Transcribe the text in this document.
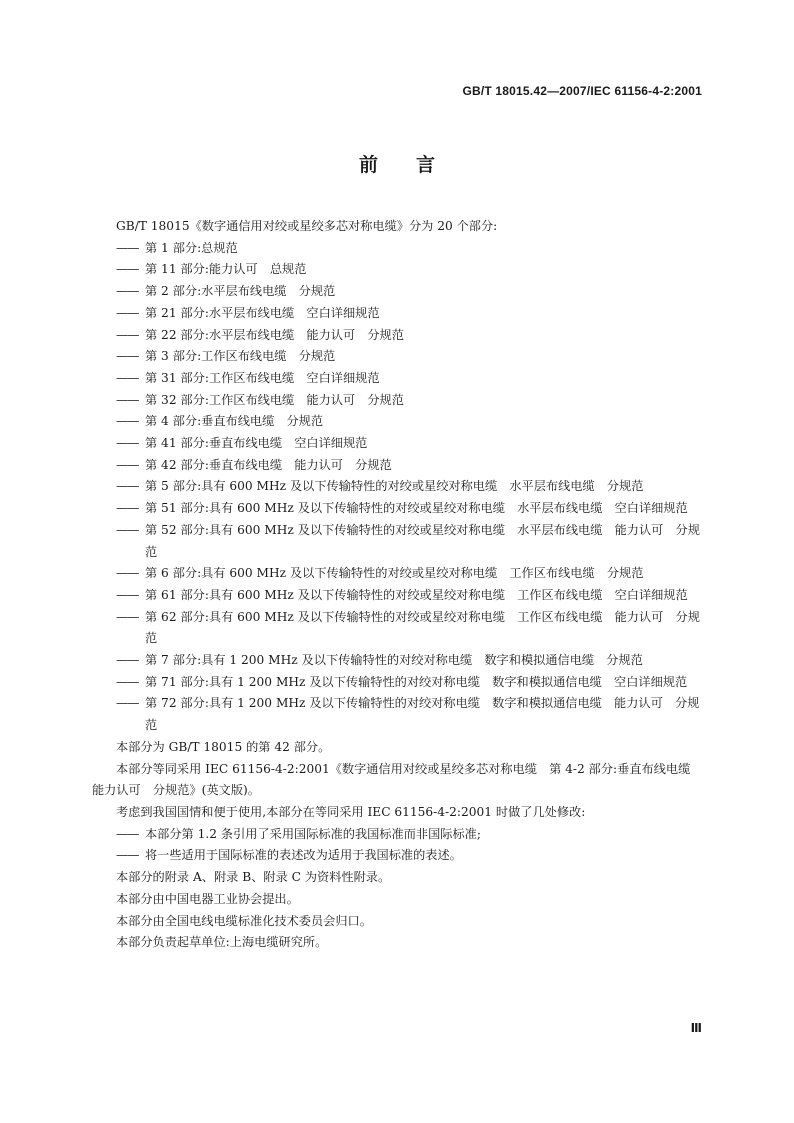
GB/T 18015.42—2007/IEC 61156-4-2:2001
前言

GB/T 18015《数字通信用对绞或星绞多芯对称电缆》分为 20 个部分:

—— 第 1 部分:总规范
—— 第 11 部分:能力认可　总规范
—— 第 2 部分:水平层布线电缆　分规范
—— 第 21 部分:水平层布线电缆　空白详细规范
—— 第 22 部分:水平层布线电缆　能力认可　分规范
—— 第 3 部分:工作区布线电缆　分规范
—— 第 31 部分:工作区布线电缆　空白详细规范
—— 第 32 部分:工作区布线电缆　能力认可　分规范
—— 第 4 部分:垂直布线电缆　分规范
—— 第 41 部分:垂直布线电缆　空白详细规范
—— 第 42 部分:垂直布线电缆　能力认可　分规范
—— 第 5 部分:具有 600 MHz 及以下传输特性的对绞或星绞对称电缆　水平层布线电缆　分规范
—— 第 51 部分:具有 600 MHz 及以下传输特性的对绞或星绞对称电缆　水平层布线电缆　空白详细规范
—— 第 52 部分:具有 600 MHz 及以下传输特性的对绞或星绞对称电缆　水平层布线电缆　能力认可　分规范
—— 第 6 部分:具有 600 MHz 及以下传输特性的对绞或星绞对称电缆　工作区布线电缆　分规范
—— 第 61 部分:具有 600 MHz 及以下传输特性的对绞或星绞对称电缆　工作区布线电缆　空白详细规范
—— 第 62 部分:具有 600 MHz 及以下传输特性的对绞或星绞对称电缆　工作区布线电缆　能力认可　分规范
—— 第 7 部分:具有 1 200 MHz 及以下传输特性的对绞对称电缆　数字和模拟通信电缆　分规范
—— 第 71 部分:具有 1 200 MHz 及以下传输特性的对绞对称电缆　数字和模拟通信电缆　空白详细规范
—— 第 72 部分:具有 1 200 MHz 及以下传输特性的对绞对称电缆　数字和模拟通信电缆　能力认可　分规范

本部分为 GB/T 18015 的第 42 部分。

本部分等同采用 IEC 61156-4-2:2001《数字通信用对绞或星绞多芯对称电缆　第 4-2 部分:垂直布线电缆　能力认可　分规范》(英文版)。

考虑到我国国情和便于使用,本部分在等同采用 IEC 61156-4-2:2001 时做了几处修改:

—— 本部分第 1.2 条引用了采用国际标准的我国标准而非国际标准;
—— 将一些适用于国际标准的表述改为适用于我国标准的表述。

本部分的附录 A、附录 B、附录 C 为资料性附录。

本部分由中国电器工业协会提出。

本部分由全国电线电缆标准化技术委员会归口。

本部分负责起草单位:上海电缆研究所。

Ⅲ
